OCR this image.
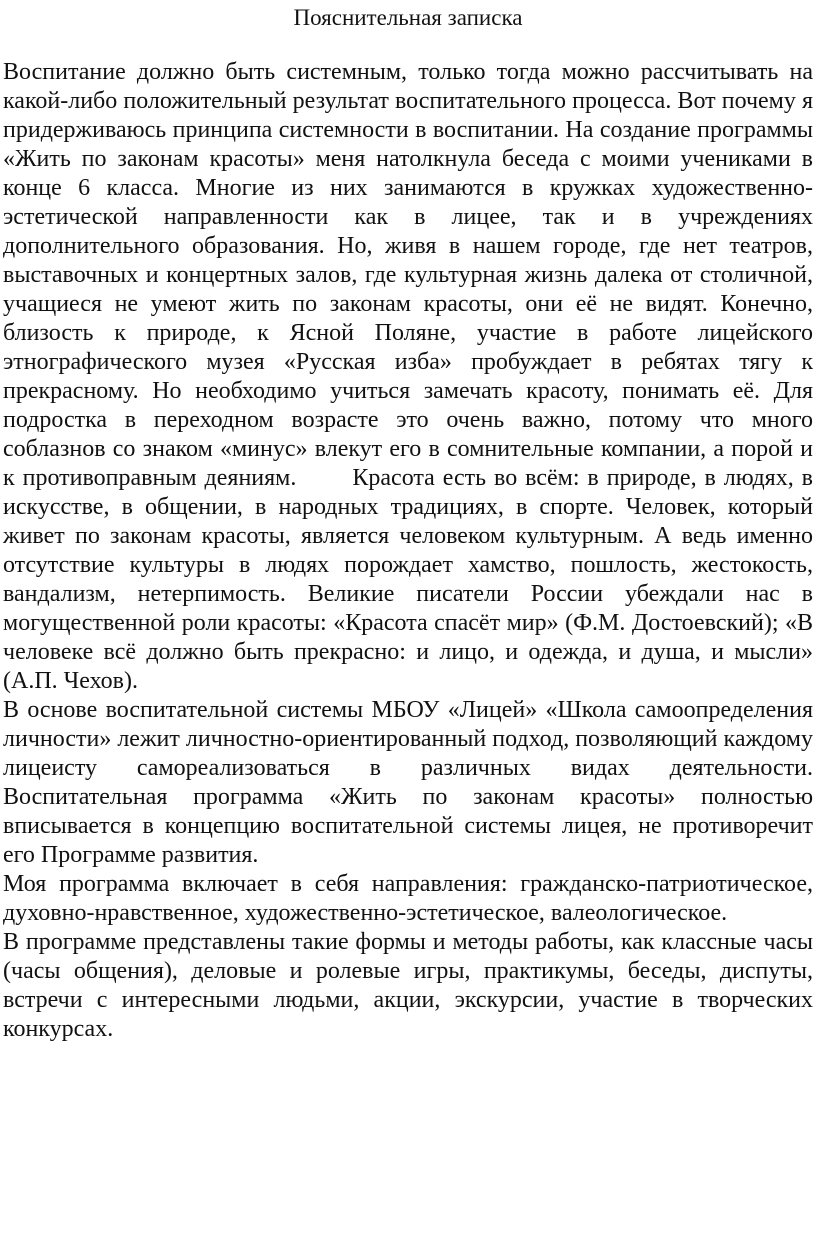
Пояснительная записка

Воспитание должно быть системным, только тогда можно рассчитывать на какой-либо положительный результат воспитательного процесса. Вот почему я придерживаюсь принципа системности в воспитании. На создание программы «Жить по законам красоты» меня натолкнула беседа с моими учениками в конце 6 класса. Многие из них занимаются в кружках художественно-эстетической направленности как в лицее, так и в учреждениях дополнительного образования. Но, живя в нашем городе, где нет театров, выставочных и концертных залов, где культурная жизнь далека от столичной, учащиеся не умеют жить по законам красоты, они её не видят. Конечно, близость к природе, к Ясной Поляне, участие в работе лицейского этнографического музея «Русская изба» пробуждает в ребятах тягу к прекрасному. Но необходимо учиться замечать красоту, понимать её. Для подростка в переходном возрасте это очень важно, потому что много соблазнов со знаком «минус» влекут его в сомнительные компании, а порой и к противоправным деяниям. Красота есть во всём: в природе, в людях, в искусстве, в общении, в народных традициях, в спорте. Человек, который живет по законам красоты, является человеком культурным. А ведь именно отсутствие культуры в людях порождает хамство, пошлость, жестокость, вандализм, нетерпимость. Великие писатели России убеждали нас в могущественной роли красоты: «Красота спасёт мир» (Ф.М. Достоевский); «В человеке всё должно быть прекрасно: и лицо, и одежда, и душа, и мысли» (А.П. Чехов).

В основе воспитательной системы МБОУ «Лицей» «Школа самоопределения личности» лежит личностно-ориентированный подход, позволяющий каждому лицеисту самореализоваться в различных видах деятельности. Воспитательная программа «Жить по законам красоты» полностью вписывается в концепцию воспитательной системы лицея, не противоречит его Программе развития.

Моя программа включает в себя направления: гражданско-патриотическое, духовно-нравственное, художественно-эстетическое, валеологическое.

В программе представлены такие формы и методы работы, как классные часы (часы общения), деловые и ролевые игры, практикумы, беседы, диспуты, встречи с интересными людьми, акции, экскурсии, участие в творческих конкурсах.
